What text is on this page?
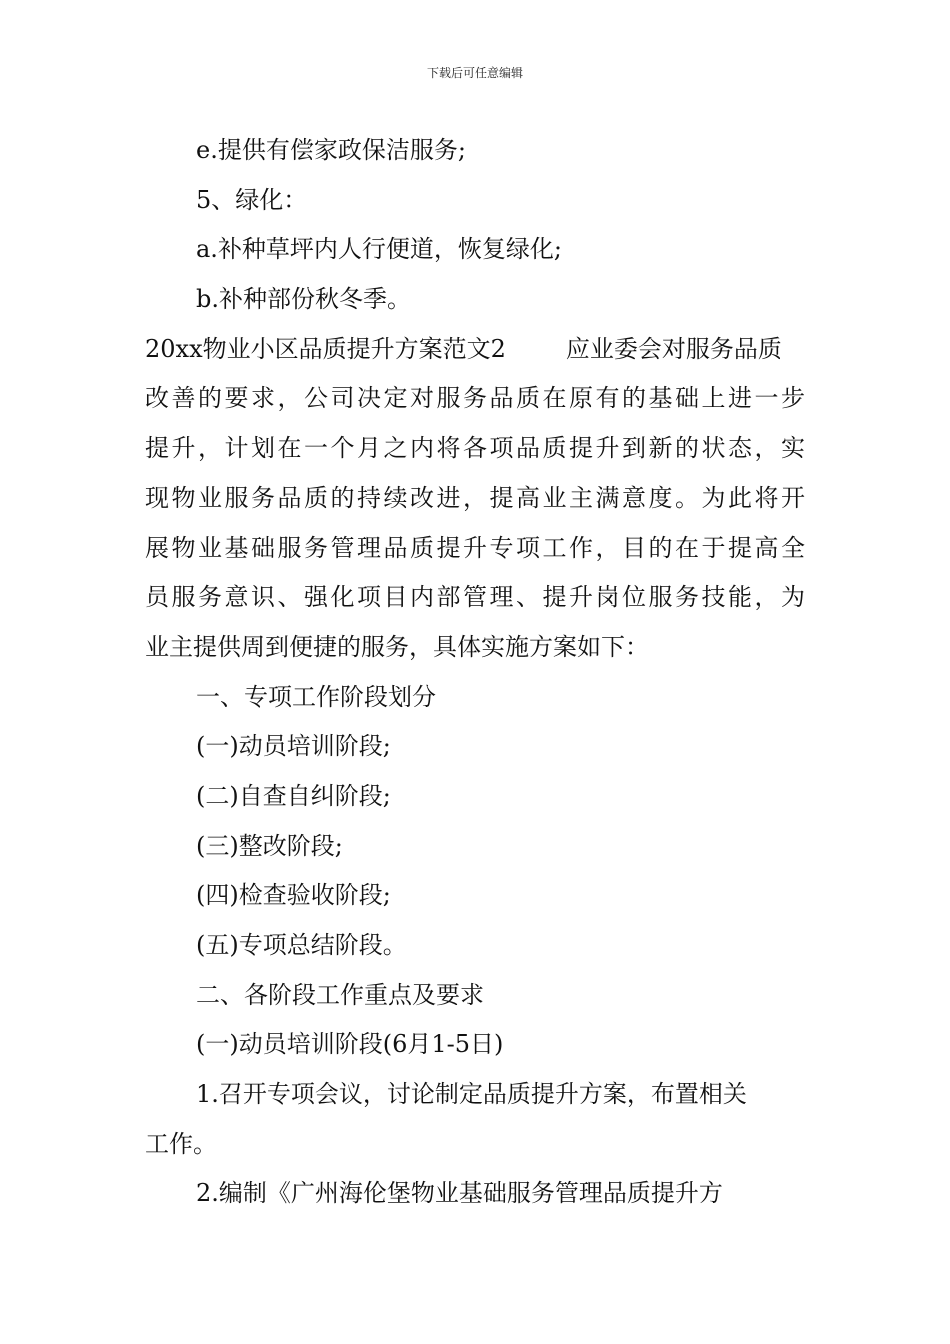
下载后可任意编辑
e.提供有偿家政保洁服务;
5、绿化：
a.补种草坪内人行便道，恢复绿化;
b.补种部份秋冬季。
20xx物业小区品质提升方案范文2	应业委会对服务品质
改善的要求，公司决定对服务品质在原有的基础上进一步
提升，计划在一个月之内将各项品质提升到新的状态，实
现物业服务品质的持续改进，提高业主满意度。为此将开
展物业基础服务管理品质提升专项工作，目的在于提高全
员服务意识、强化项目内部管理、提升岗位服务技能，为
业主提供周到便捷的服务，具体实施方案如下：
一、专项工作阶段划分
(一)动员培训阶段;
(二)自查自纠阶段;
(三)整改阶段;
(四)检查验收阶段;
(五)专项总结阶段。
二、各阶段工作重点及要求
(一)动员培训阶段(6月1-5日)
1.召开专项会议，讨论制定品质提升方案，布置相关
工作。
2.编制《广州海伦堡物业基础服务管理品质提升方
